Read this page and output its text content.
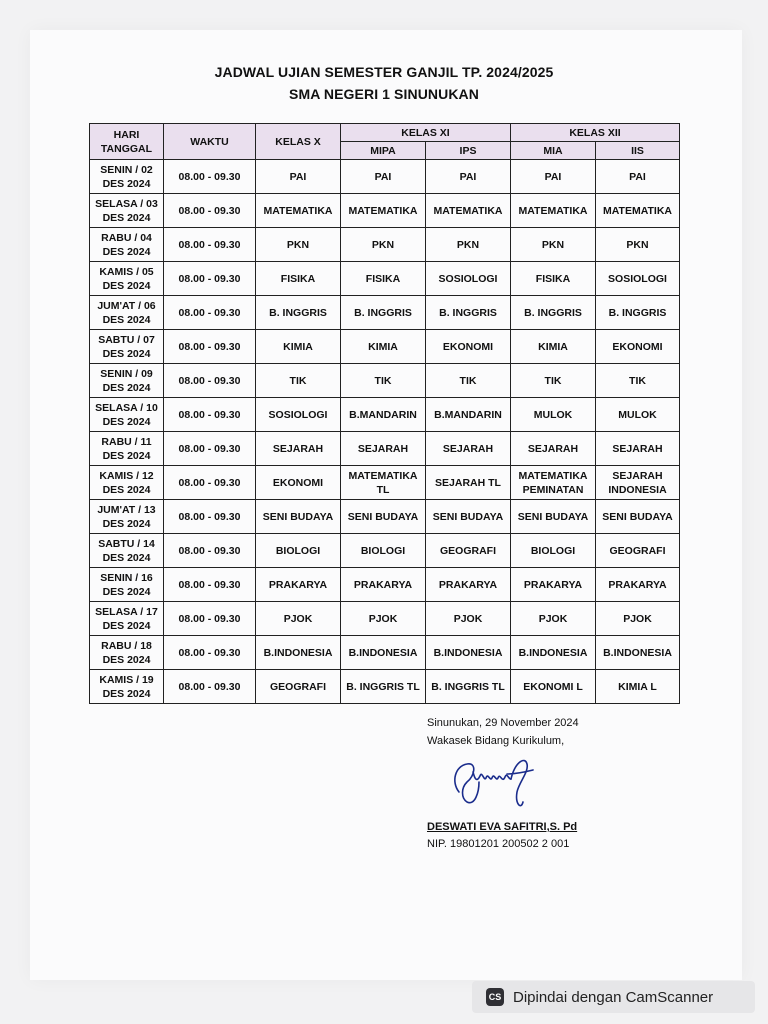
JADWAL UJIAN SEMESTER GANJIL TP. 2024/2025
SMA NEGERI 1 SINUNUKAN
HARI
TANGGAL	WAKTU	KELAS X	KELAS XI		KELAS XII	
			MIPA	IPS	MIA	IIS

SENIN / 02
DES 2024	08.00 - 09.30	PAI	PAI	PAI	PAI	PAI

SELASA / 03
DES 2024	08.00 - 09.30	MATEMATIKA	MATEMATIKA	MATEMATIKA	MATEMATIKA	MATEMATIKA

RABU / 04
DES 2024	08.00 - 09.30	PKN	PKN	PKN	PKN	PKN

KAMIS / 05
DES 2024	08.00 - 09.30	FISIKA	FISIKA	SOSIOLOGI	FISIKA	SOSIOLOGI

JUM'AT / 06
DES 2024	08.00 - 09.30	B. INGGRIS	B. INGGRIS	B. INGGRIS	B. INGGRIS	B. INGGRIS

SABTU / 07
DES 2024	08.00 - 09.30	KIMIA	KIMIA	EKONOMI	KIMIA	EKONOMI

SENIN / 09
DES 2024	08.00 - 09.30	TIK	TIK	TIK	TIK	TIK

SELASA / 10
DES 2024	08.00 - 09.30	SOSIOLOGI	B.MANDARIN	B.MANDARIN	MULOK	MULOK

RABU / 11
DES 2024	08.00 - 09.30	SEJARAH	SEJARAH	SEJARAH	SEJARAH	SEJARAH

KAMIS / 12
DES 2024	08.00 - 09.30	EKONOMI	MATEMATIKA TL	SEJARAH TL	MATEMATIKA PEMINATAN	SEJARAH INDONESIA

JUM'AT / 13
DES 2024	08.00 - 09.30	SENI BUDAYA	SENI BUDAYA	SENI BUDAYA	SENI BUDAYA	SENI BUDAYA

SABTU / 14
DES 2024	08.00 - 09.30	BIOLOGI	BIOLOGI	GEOGRAFI	BIOLOGI	GEOGRAFI

SENIN / 16
DES 2024	08.00 - 09.30	PRAKARYA	PRAKARYA	PRAKARYA	PRAKARYA	PRAKARYA

SELASA / 17
DES 2024	08.00 - 09.30	PJOK	PJOK	PJOK	PJOK	PJOK

RABU / 18
DES 2024	08.00 - 09.30	B.INDONESIA	B.INDONESIA	B.INDONESIA	B.INDONESIA	B.INDONESIA

KAMIS / 19
DES 2024	08.00 - 09.30	GEOGRAFI	B. INGGRIS TL	B. INGGRIS TL	EKONOMI L	KIMIA L
Sinunukan, 29 November 2024
Wakasek Bidang Kurikulum,
DESWATI EVA SAFITRI,S. Pd
NIP. 19801201 200502 2 001
CS Dipindai dengan CamScanner
